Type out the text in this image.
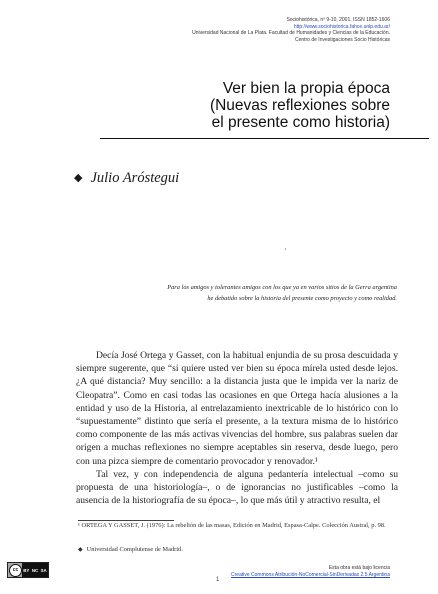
Sociohistórica, nº 9-10, 2001. ISSN 1852-1606
http://www.sociohistorica.fahce.unlp.edu.ar/
Universidad Nacional de La Plata. Facultad de Humanidades y Ciencias de la Educación.
Centro de Investigaciones Socio Históricas
Ver bien la propia época
(Nuevas reflexiones sobre
el presente como historia)
◆ Julio Aróstegui
·
Para los amigos y tolerantes amigos con los que ya en varios sitios de la Gerra argentina
he debatido sobre la historia del presente como proyecto y como realidad.

Decía José Ortega y Gasset, con la habitual enjundia de su prosa descuidada y siempre sugerente, que “si quiere usted ver bien su época mírela usted desde lejos. ¿A qué distancia? Muy sencillo: a la distancia justa que le impida ver la nariz de Cleopatra”. Como en casi todas las ocasiones en que Ortega hacía alusiones a la entidad y uso de la Historia, al entrelazamiento inextricable de lo histórico con lo “supuestamente” distinto que sería el presente, a la textura misma de lo histórico como componente de las más activas vivencias del hombre, sus palabras suelen dar origen a muchas reflexiones no siempre aceptables sin reserva, desde luego, pero con una pizca siempre de comentario provocador y renovador.¹

Tal vez, y con independencia de alguna pedantería intelectual –como su propuesta de una historiología–, o de ignorancias no justificables –como la ausencia de la historiografía de su época–, lo que más útil y atractivo resulta, el

¹ ORTEGA Y GASSET, J. (1976): La rebelión de las masas, Edición en Madrid, Espasa-Calpe. Colección Austral, p. 98.
◆ Universidad Complutense de Madrid.
cc	BY NC SA	Esta obra está bajo licencia
Creative Commons Atribución-NoComercial-SinDerivadas 2.5 Argentina
1
